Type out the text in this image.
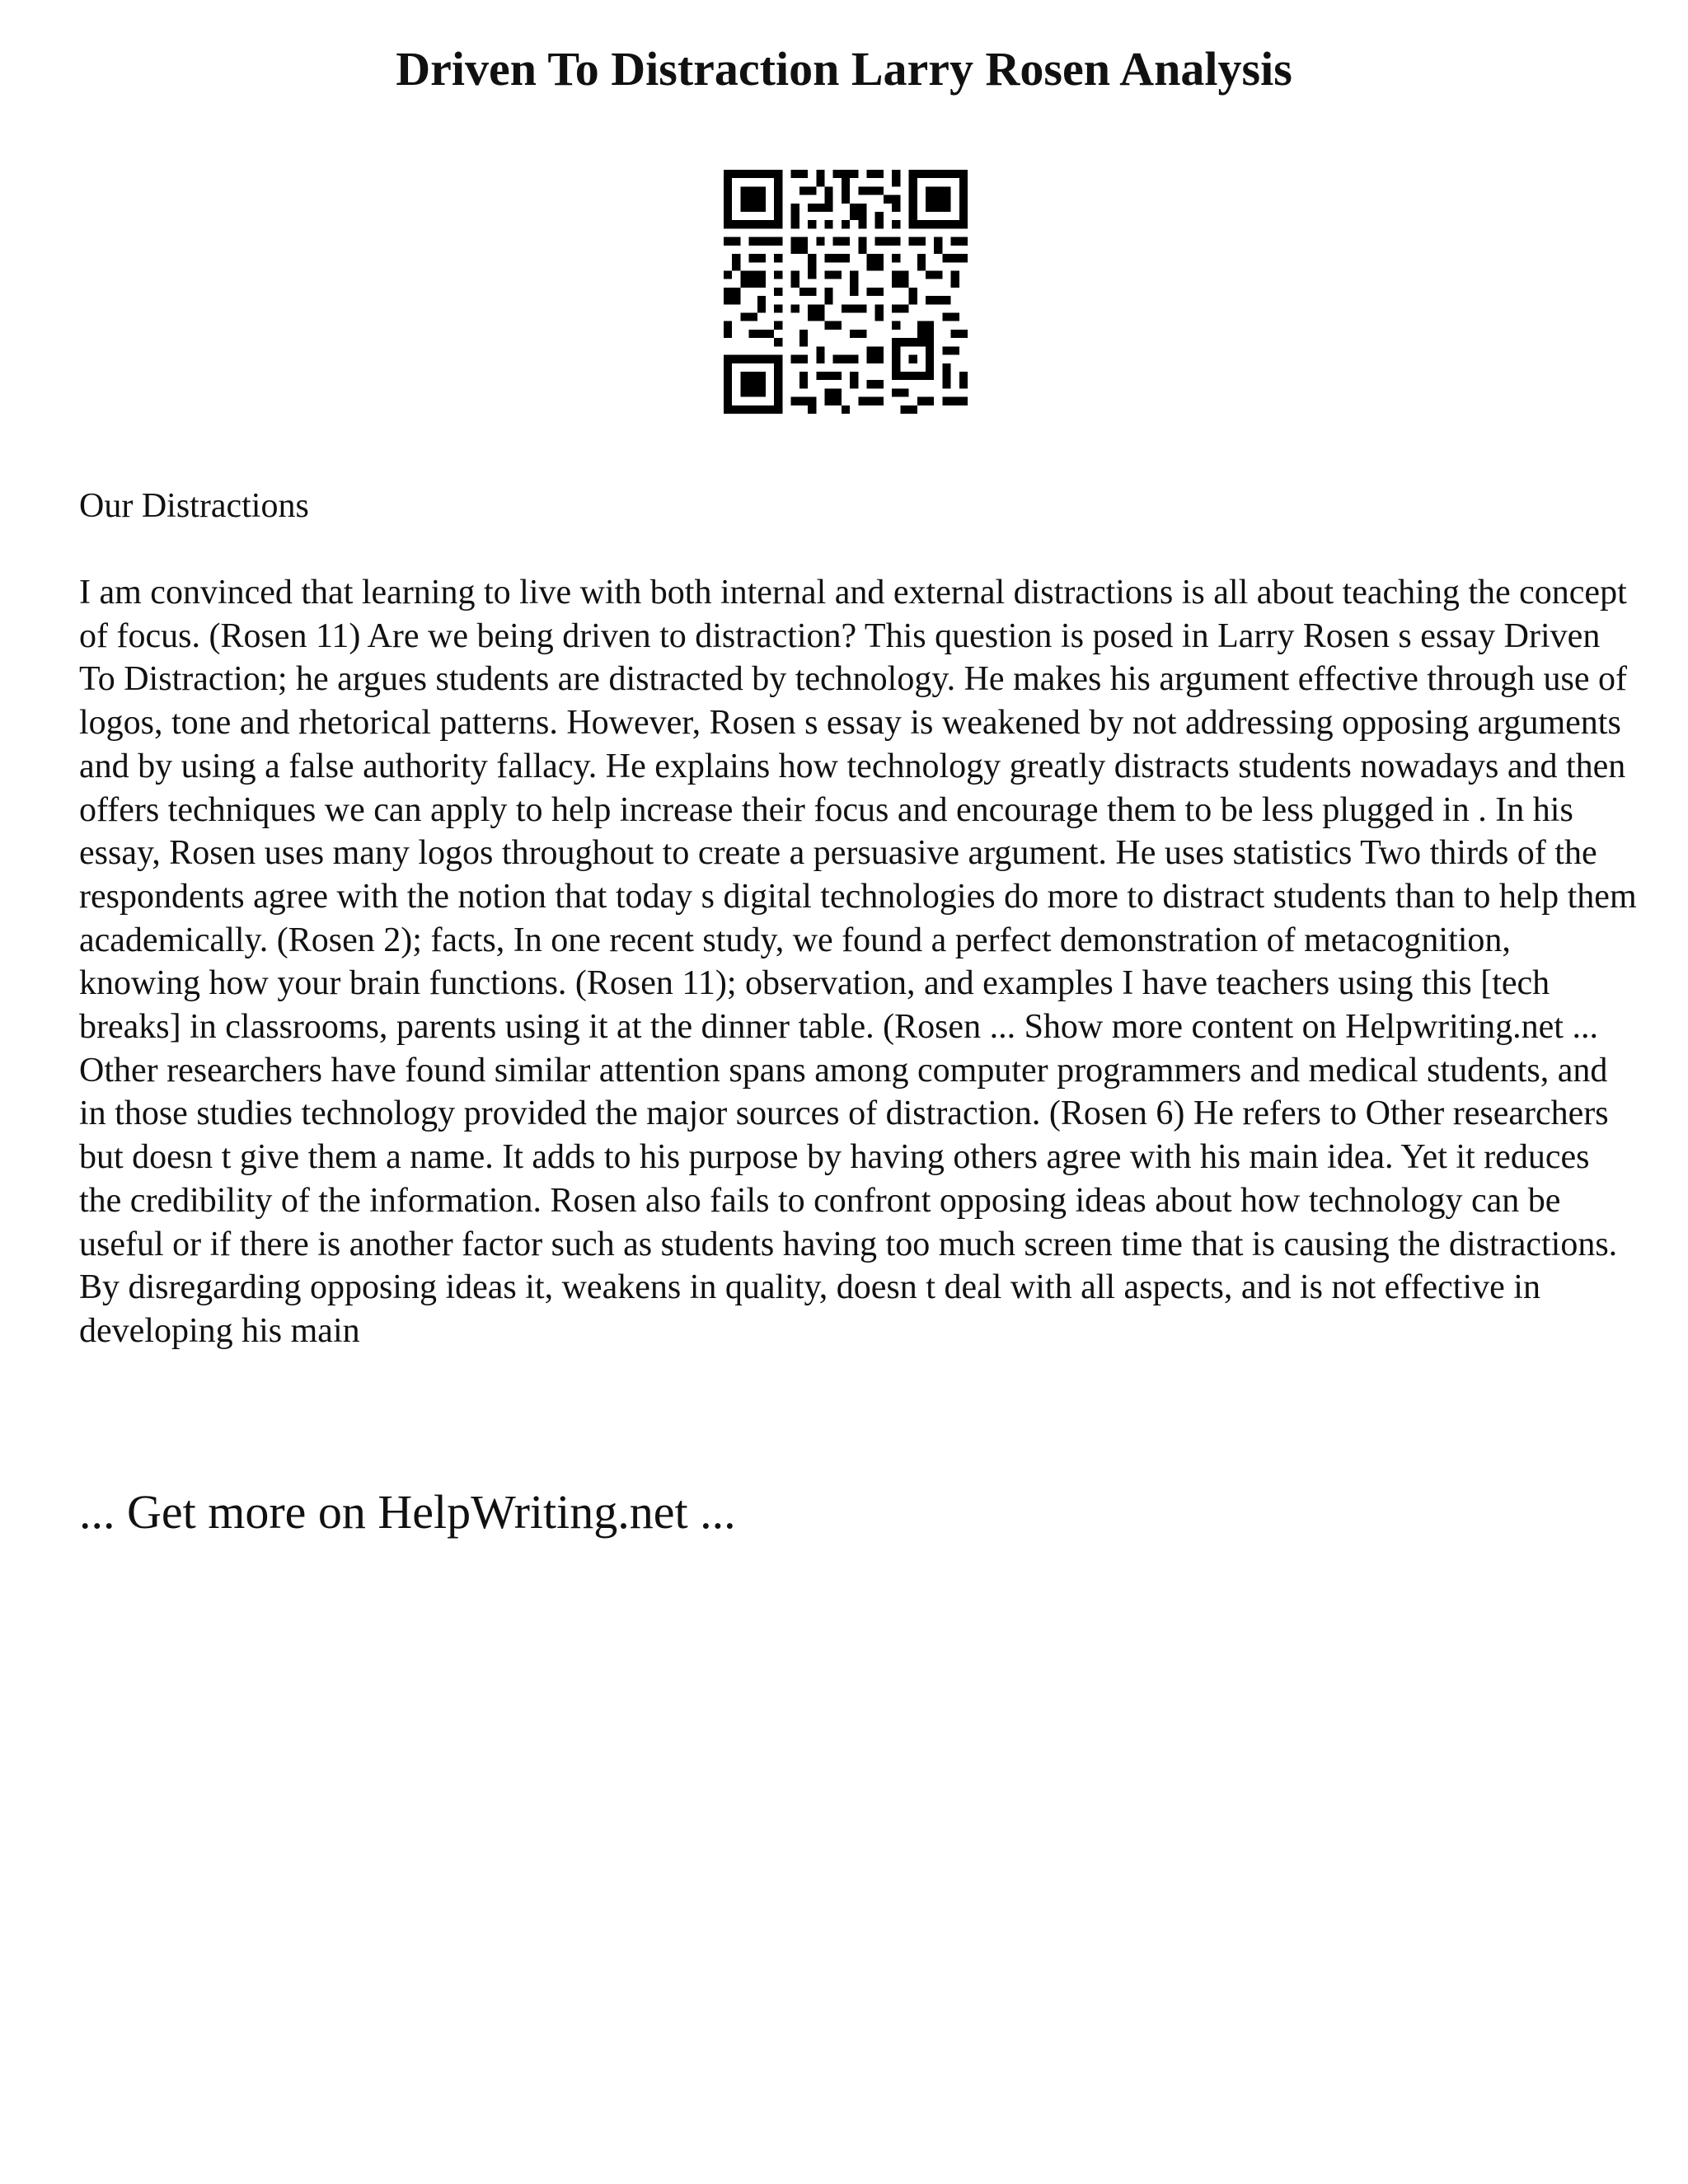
Driven To Distraction Larry Rosen Analysis
Our Distractions

I am convinced that learning to live with both internal and external distractions is all about teaching the concept of focus. (Rosen 11) Are we being driven to distraction? This question is posed in Larry Rosen s essay Driven To Distraction; he argues students are distracted by technology. He makes his argument effective through use of logos, tone and rhetorical patterns. However, Rosen s essay is weakened by not addressing opposing arguments and by using a false authority fallacy. He explains how technology greatly distracts students nowadays and then offers techniques we can apply to help increase their focus and encourage them to be less plugged in . In his essay, Rosen uses many logos throughout to create a persuasive argument. He uses statistics Two thirds of the respondents agree with the notion that today s digital technologies do more to distract students than to help them academically. (Rosen 2); facts, In one recent study, we found a perfect demonstration of metacognition, knowing how your brain functions. (Rosen 11); observation, and examples I have teachers using this [tech breaks] in classrooms, parents using it at the dinner table. (Rosen ... Show more content on Helpwriting.net ...

Other researchers have found similar attention spans among computer programmers and medical students, and in those studies technology provided the major sources of distraction. (Rosen 6) He refers to Other researchers but doesn t give them a name. It adds to his purpose by having others agree with his main idea. Yet it reduces the credibility of the information. Rosen also fails to confront opposing ideas about how technology can be useful or if there is another factor such as students having too much screen time that is causing the distractions. By disregarding opposing ideas it, weakens in quality, doesn t deal with all aspects, and is not effective in developing his main

... Get more on HelpWriting.net ...
